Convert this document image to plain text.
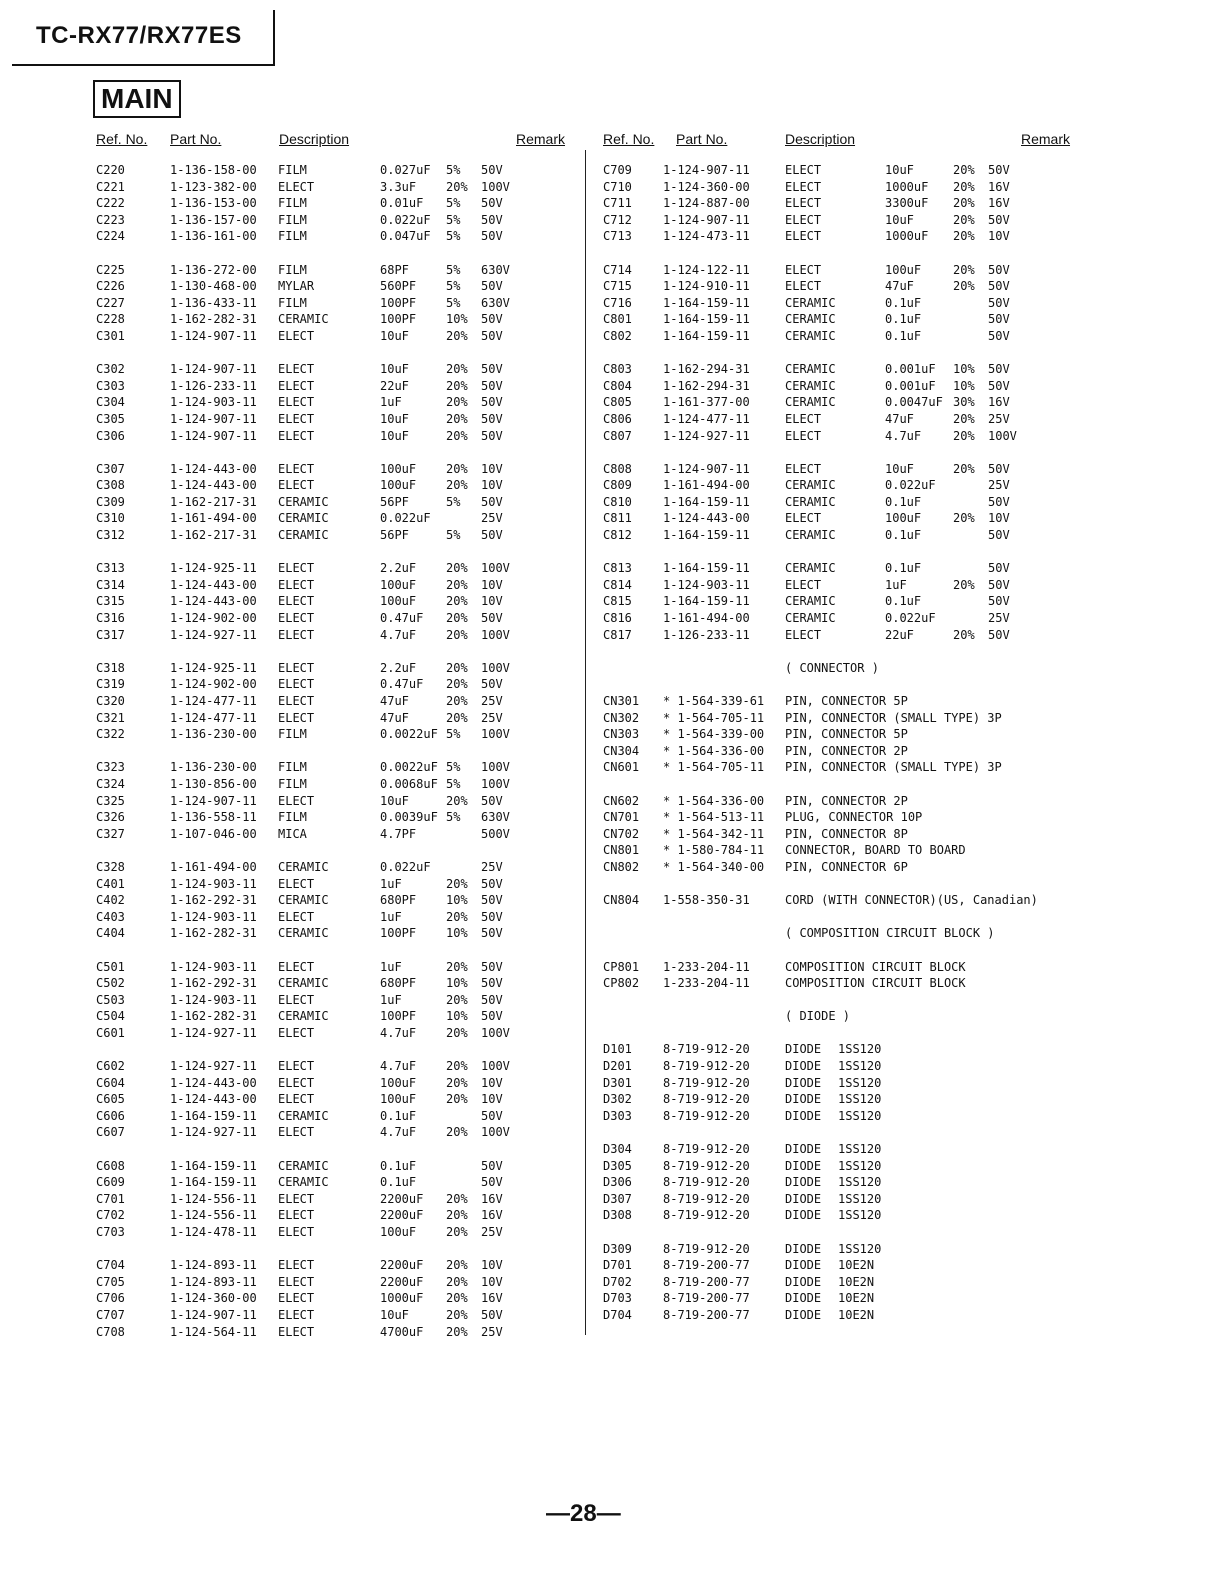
TC-RX77/RX77ES
MAIN
Ref. No. Part No.	Description	Remark	Ref. No. Part No.	Description	Remark
C220	1-136-158-00 FILM	0.027uF 5% 50V
C221	1-123-382-00 ELECT	3.3uF 20% 100V
C222	1-136-153-00 FILM	0.01uF 5% 50V
C223	1-136-157-00 FILM	0.022uF 5% 50V
C224	1-136-161-00 FILM	0.047uF 5% 50V
C225	1-136-272-00 FILM	68PF	5% 630V
C226	1-130-468-00 MYLAR	560PF 5% 50V
C227	1-136-433-11 FILM	100PF 5% 630V
C228	1-162-282-31 CERAMIC	100PF 10% 50V
C301	1-124-907-11 ELECT	10uF	20% 50V
C302	1-124-907-11 ELECT	10uF	20% 50V
C303	1-126-233-11 ELECT	22uF	20% 50V
C304	1-124-903-11 ELECT	1uF	20% 50V
C305	1-124-907-11 ELECT	10uF	20% 50V
C306	1-124-907-11 ELECT	10uF	20% 50V
C307	1-124-443-00 ELECT	100uF 20% 10V
C308	1-124-443-00 ELECT	100uF 20% 10V
C309	1-162-217-31 CERAMIC	56PF	5% 50V
C310	1-161-494-00 CERAMIC	0.022uF	25V
C312	1-162-217-31 CERAMIC	56PF	5% 50V
C313	1-124-925-11 ELECT	2.2uF 20% 100V
C314	1-124-443-00 ELECT	100uF 20% 10V
C315	1-124-443-00 ELECT	100uF 20% 10V
C316	1-124-902-00 ELECT	0.47uF 20% 50V
C317	1-124-927-11 ELECT	4.7uF 20% 100V
C318	1-124-925-11 ELECT	2.2uF 20% 100V
C319	1-124-902-00 ELECT	0.47uF 20% 50V
C320	1-124-477-11 ELECT	47uF	20% 25V
C321	1-124-477-11 ELECT	47uF	20% 25V
C322	1-136-230-00 FILM	0.0022uF 5% 100V
C323	1-136-230-00 FILM	0.0022uF 5% 100V
C324	1-130-856-00 FILM	0.0068uF 5% 100V
C325	1-124-907-11 ELECT	10uF	20% 50V
C326	1-136-558-11 FILM	0.0039uF 5% 630V
C327	1-107-046-00 MICA	4.7PF	500V
C328	1-161-494-00 CERAMIC	0.022uF	25V
C401	1-124-903-11 ELECT	1uF	20% 50V
C402	1-162-292-31 CERAMIC	680PF 10% 50V
C403	1-124-903-11 ELECT	1uF	20% 50V
C404	1-162-282-31 CERAMIC	100PF 10% 50V
C501	1-124-903-11 ELECT	1uF	20% 50V
C502	1-162-292-31 CERAMIC	680PF 10% 50V
C503	1-124-903-11 ELECT	1uF	20% 50V
C504	1-162-282-31 CERAMIC	100PF 10% 50V
C601	1-124-927-11 ELECT	4.7uF 20% 100V
C602	1-124-927-11 ELECT	4.7uF 20% 100V
C604	1-124-443-00 ELECT	100uF 20% 10V
C605	1-124-443-00 ELECT	100uF 20% 10V
C606	1-164-159-11 CERAMIC	0.1uF	50V
C607	1-124-927-11 ELECT	4.7uF 20% 100V
C608	1-164-159-11 CERAMIC	0.1uF	50V
C609	1-164-159-11 CERAMIC	0.1uF	50V
C701	1-124-556-11 ELECT	2200uF 20% 16V
C702	1-124-556-11 ELECT	2200uF 20% 16V
C703	1-124-478-11 ELECT	100uF 20% 25V
C704	1-124-893-11 ELECT	2200uF 20% 10V
C705	1-124-893-11 ELECT	2200uF 20% 10V
C706	1-124-360-00 ELECT	1000uF 20% 16V
C707	1-124-907-11 ELECT	10uF	20% 50V
C708	1-124-564-11 ELECT	4700uF 20% 25V
C709	1-124-907-11	ELECT	10uF	20% 50V
C710	1-124-360-00	ELECT	1000uF 20% 16V
C711	1-124-887-00	ELECT	3300uF 20% 16V
C712	1-124-907-11	ELECT	10uF	20% 50V
C713	1-124-473-11	ELECT	1000uF 20% 10V
C714	1-124-122-11	ELECT	100uF	20% 50V
C715	1-124-910-11	ELECT	47uF	20% 50V
C716	1-164-159-11	CERAMIC	0.1uF	50V
C801	1-164-159-11	CERAMIC	0.1uF	50V
C802	1-164-159-11	CERAMIC	0.1uF	50V
C803	1-162-294-31	CERAMIC	0.001uF 10% 50V
C804	1-162-294-31	CERAMIC	0.001uF 10% 50V
C805	1-161-377-00	CERAMIC	0.0047uF 30% 16V
C806	1-124-477-11	ELECT	47uF	20% 25V
C807	1-124-927-11	ELECT	4.7uF	20% 100V
C808	1-124-907-11	ELECT	10uF	20% 50V
C809	1-161-494-00	CERAMIC	0.022uF	25V
C810	1-164-159-11	CERAMIC	0.1uF	50V
C811	1-124-443-00	ELECT	100uF	20% 10V
C812	1-164-159-11	CERAMIC	0.1uF	50V
C813	1-164-159-11	CERAMIC	0.1uF	50V
C814	1-124-903-11	ELECT	1uF	20% 50V
C815	1-164-159-11	CERAMIC	0.1uF	50V
C816	1-161-494-00	CERAMIC	0.022uF	25V
C817	1-126-233-11	ELECT	22uF	20% 50V
( CONNECTOR )
CN301 * 1-564-339-61 PIN, CONNECTOR 5P
CN302 * 1-564-705-11 PIN, CONNECTOR (SMALL TYPE) 3P
CN303 * 1-564-339-00 PIN, CONNECTOR 5P
CN304 * 1-564-336-00 PIN, CONNECTOR 2P
CN601 * 1-564-705-11 PIN, CONNECTOR (SMALL TYPE) 3P
CN602 * 1-564-336-00 PIN, CONNECTOR 2P
CN701 * 1-564-513-11 PLUG, CONNECTOR 10P
CN702 * 1-564-342-11 PIN, CONNECTOR 8P
CN801 * 1-580-784-11 CONNECTOR, BOARD TO BOARD
CN802 * 1-564-340-00 PIN, CONNECTOR 6P
CN804 1-558-350-31	CORD (WITH CONNECTOR)(US, Canadian)
( COMPOSITION CIRCUIT BLOCK )
CP801 1-233-204-11	COMPOSITION CIRCUIT BLOCK
CP802 1-233-204-11	COMPOSITION CIRCUIT BLOCK
( DIODE )
D101	8-719-912-20	DIODE 1SS120
D201	8-719-912-20	DIODE 1SS120
D301	8-719-912-20	DIODE 1SS120
D302	8-719-912-20	DIODE 1SS120
D303	8-719-912-20	DIODE 1SS120
D304	8-719-912-20	DIODE 1SS120
D305	8-719-912-20	DIODE 1SS120
D306	8-719-912-20	DIODE 1SS120
D307	8-719-912-20	DIODE 1SS120
D308	8-719-912-20	DIODE 1SS120
D309	8-719-912-20	DIODE 1SS120
D701	8-719-200-77	DIODE 10E2N
D702	8-719-200-77	DIODE 10E2N
D703	8-719-200-77	DIODE 10E2N
D704	8-719-200-77	DIODE 10E2N
—28—
